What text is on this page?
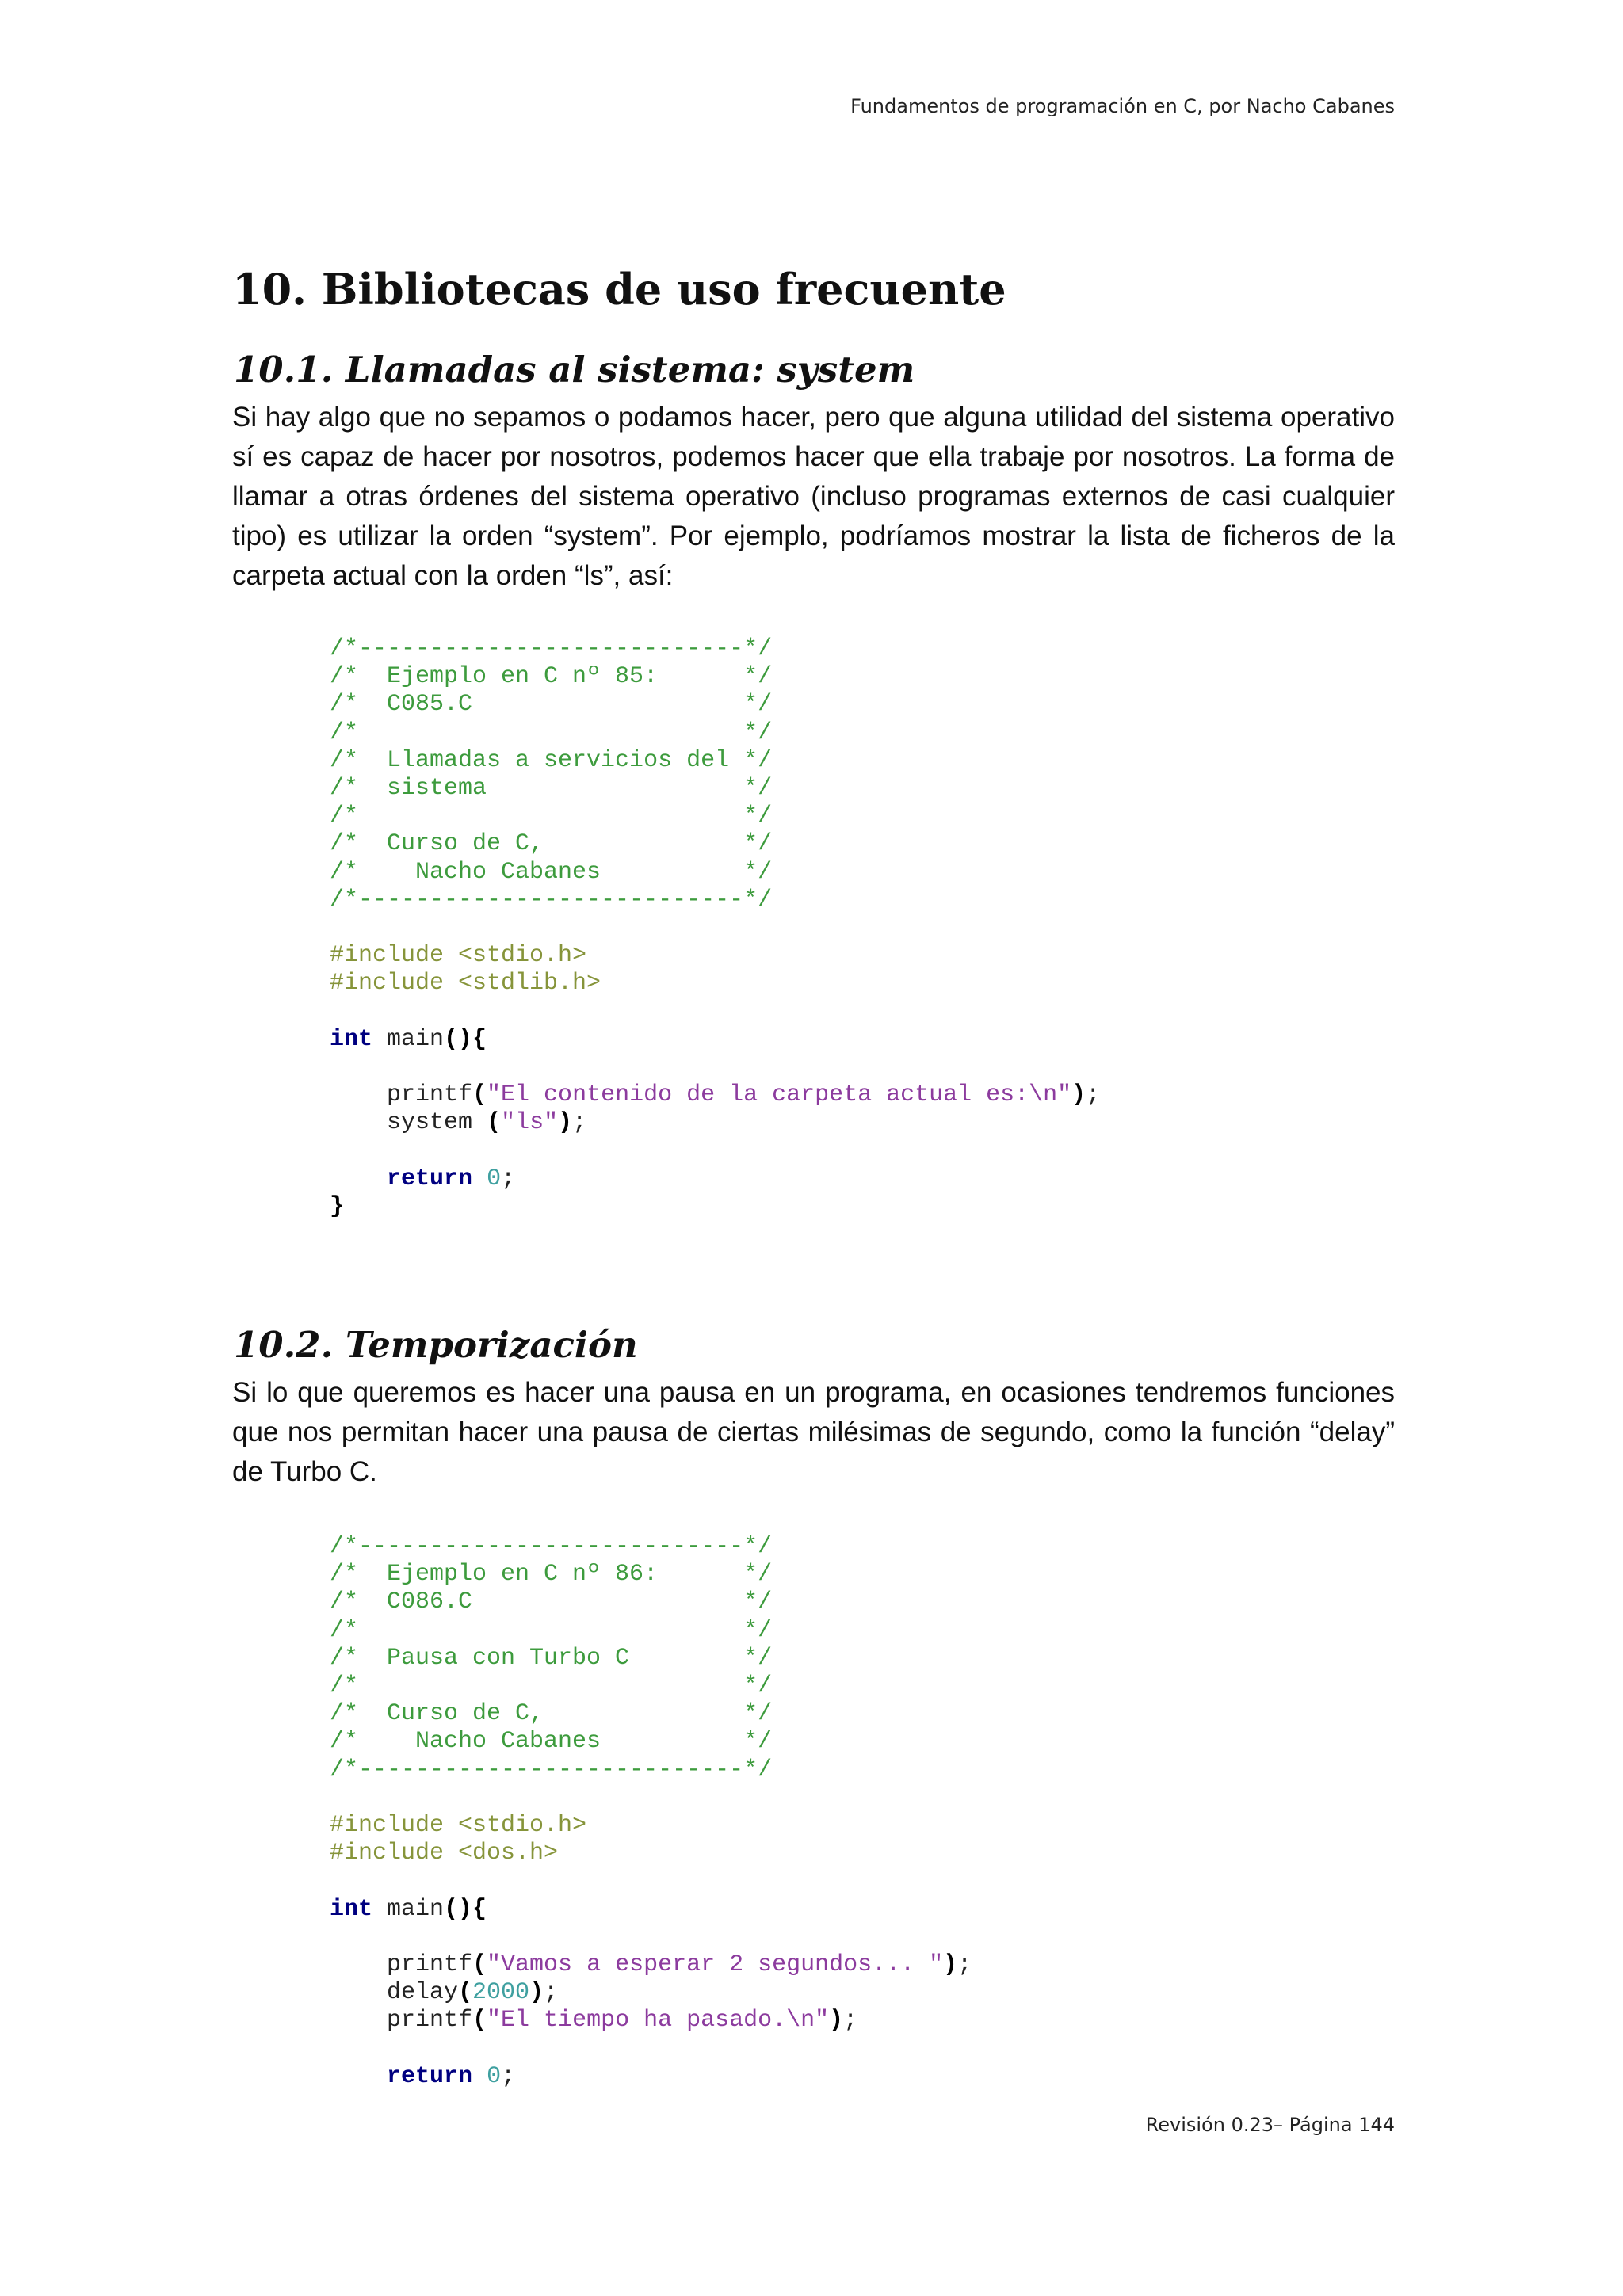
Fundamentos de programación en C, por Nacho Cabanes
10. Bibliotecas de uso frecuente
10.1. Llamadas al sistema: system

Si hay algo que no sepamos o podamos hacer, pero que alguna utilidad del sistema operativo sí es capaz de hacer por nosotros, podemos hacer que ella trabaje por nosotros. La forma de llamar a otras órdenes del sistema operativo (incluso programas externos de casi cualquier tipo) es utilizar la orden “system”. Por ejemplo, podríamos mostrar la lista de ficheros de la carpeta actual con la orden “ls”, así:

/*---------------------------*/
/*  Ejemplo en C nº 85:      */
/*  C085.C                   */
/*                           */
/*  Llamadas a servicios del */
/*  sistema                  */
/*                           */
/*  Curso de C,              */
/*    Nacho Cabanes          */
/*---------------------------*/

#include <stdio.h>
#include <stdlib.h>

int main(){

printf("El contenido de la carpeta actual es:\n");
system ("ls");

return 0;
}
10.2. Temporización

Si lo que queremos es hacer una pausa en un programa, en ocasiones tendremos funciones que nos permitan hacer una pausa de ciertas milésimas de segundo, como la función “delay” de Turbo C.

/*---------------------------*/
/*  Ejemplo en C nº 86:      */
/*  C086.C                   */
/*                           */
/*  Pausa con Turbo C        */
/*                           */
/*  Curso de C,              */
/*    Nacho Cabanes          */
/*---------------------------*/

#include <stdio.h>
#include <dos.h>

int main(){

printf("Vamos a esperar 2 segundos... ");
delay(2000);
printf("El tiempo ha pasado.\n");

return 0;
Revisión 0.23– Página 144
